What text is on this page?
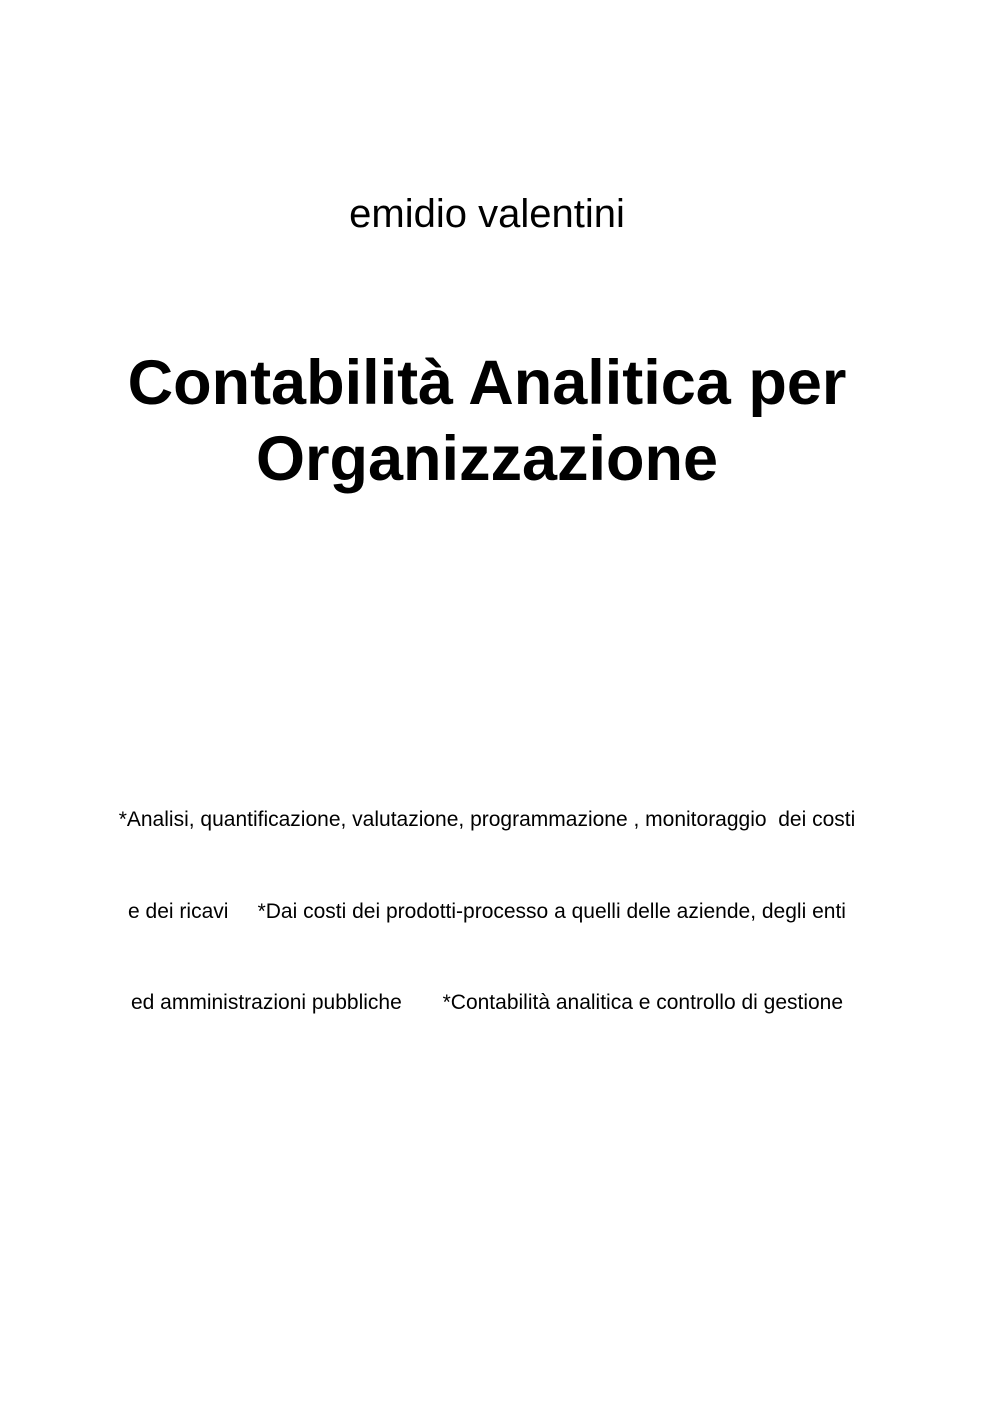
emidio valentini
Contabilità Analitica per
Organizzazione

*Analisi, quantificazione, valutazione, programmazione , monitoraggio  dei costi

e dei ricavi     *Dai costi dei prodotti-processo a quelli delle aziende, degli enti

ed amministrazioni pubbliche       *Contabilità analitica e controllo di gestione
